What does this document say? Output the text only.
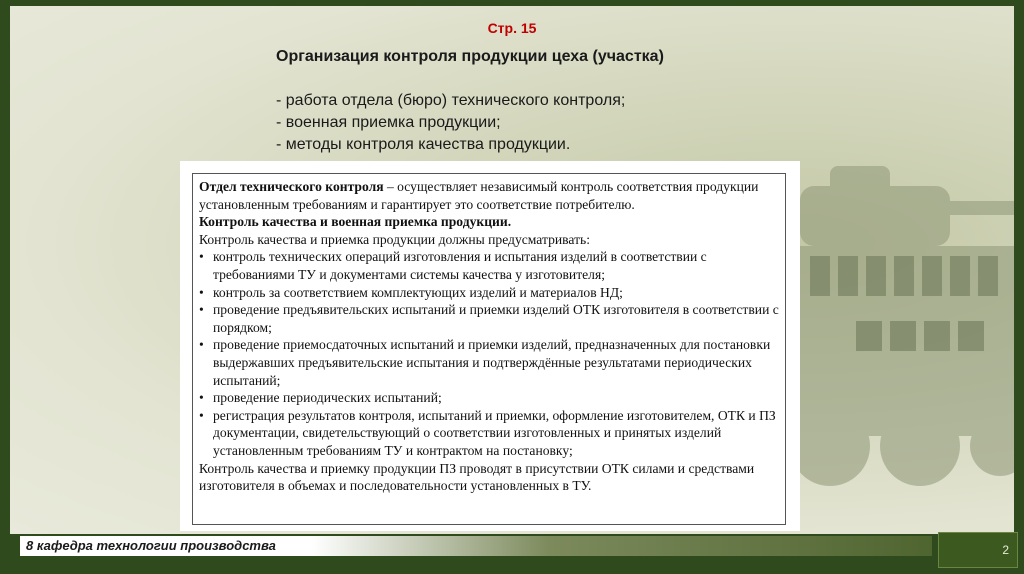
Стр. 15
Организация контроля продукции цеха (участка)
- работа отдела (бюро) технического контроля;
- военная приемка продукции;
- методы контроля качества продукции.

Отдел технического контроля – осуществляет независимый контроль соответствия продукции установленным требованиям и гарантирует это соответствие потребителю.

Контроль качества и военная приемка продукции.

Контроль качества и приемка продукции должны предусматривать:

• контроль технических операций изготовления и испытания изделий в соответствии с требованиями ТУ и документами системы качества у изготовителя;
• контроль за соответствием комплектующих изделий и материалов НД;
• проведение предъявительских испытаний и приемки изделий ОТК изготовителя в соответствии с порядком;
• проведение приемосдаточных испытаний и приемки изделий, предназначенных для постановки выдержавших предъявительские испытания и подтверждённые результатами периодических испытаний;
• проведение периодических испытаний;
• регистрация результатов контроля, испытаний и приемки, оформление изготовителем, ОТК и ПЗ документации, свидетельствующий о соответствии изготовленных и принятых изделий установленным требованиям ТУ и контрактом на постановку;

Контроль качества и приемку продукции ПЗ проводят в присутствии ОТК силами и средствами изготовителя в объемах и последовательности установленных в ТУ.

8 кафедра технологии производства	2
